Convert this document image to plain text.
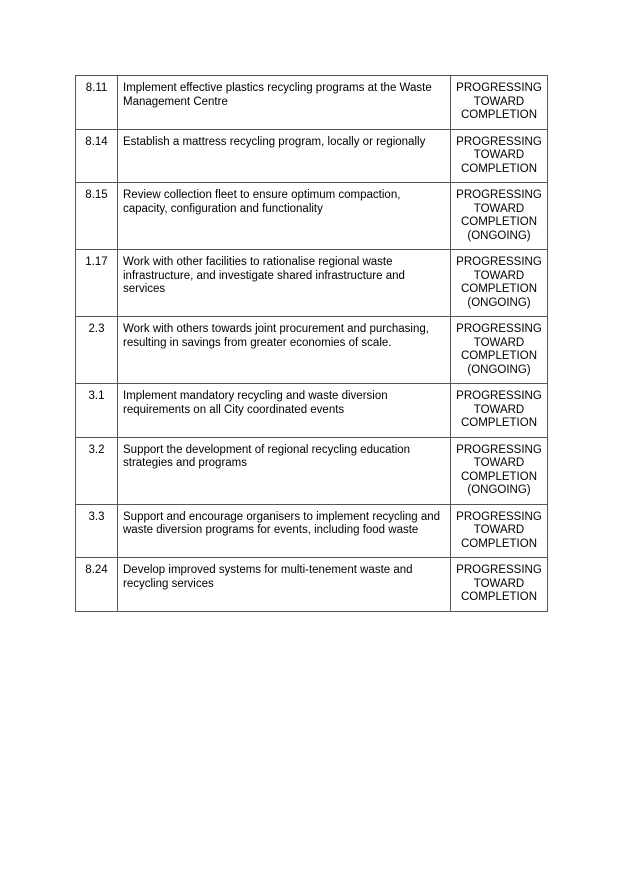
8.11	Implement effective plastics recycling programs at the Waste Management Centre	PROGRESSING
TOWARD
COMPLETION
8.14	Establish a mattress recycling program, locally or regionally	PROGRESSING
TOWARD
COMPLETION
8.15	Review collection fleet to ensure optimum compaction, capacity, configuration and functionality	PROGRESSING
TOWARD
COMPLETION
(ONGOING)
1.17	Work with other facilities to rationalise regional waste infrastructure, and investigate shared infrastructure and services	PROGRESSING
TOWARD
COMPLETION
(ONGOING)
2.3	Work with others towards joint procurement and purchasing, resulting in savings from greater economies of scale.	PROGRESSING
TOWARD
COMPLETION
(ONGOING)
3.1	Implement mandatory recycling and waste diversion requirements on all City coordinated events	PROGRESSING
TOWARD
COMPLETION
3.2	Support the development of regional recycling education strategies and programs	PROGRESSING
TOWARD
COMPLETION
(ONGOING)
3.3	Support and encourage organisers to implement recycling and waste diversion programs for events, including food waste	PROGRESSING
TOWARD
COMPLETION
8.24	Develop improved systems for multi-tenement waste and recycling services	PROGRESSING
TOWARD
COMPLETION
